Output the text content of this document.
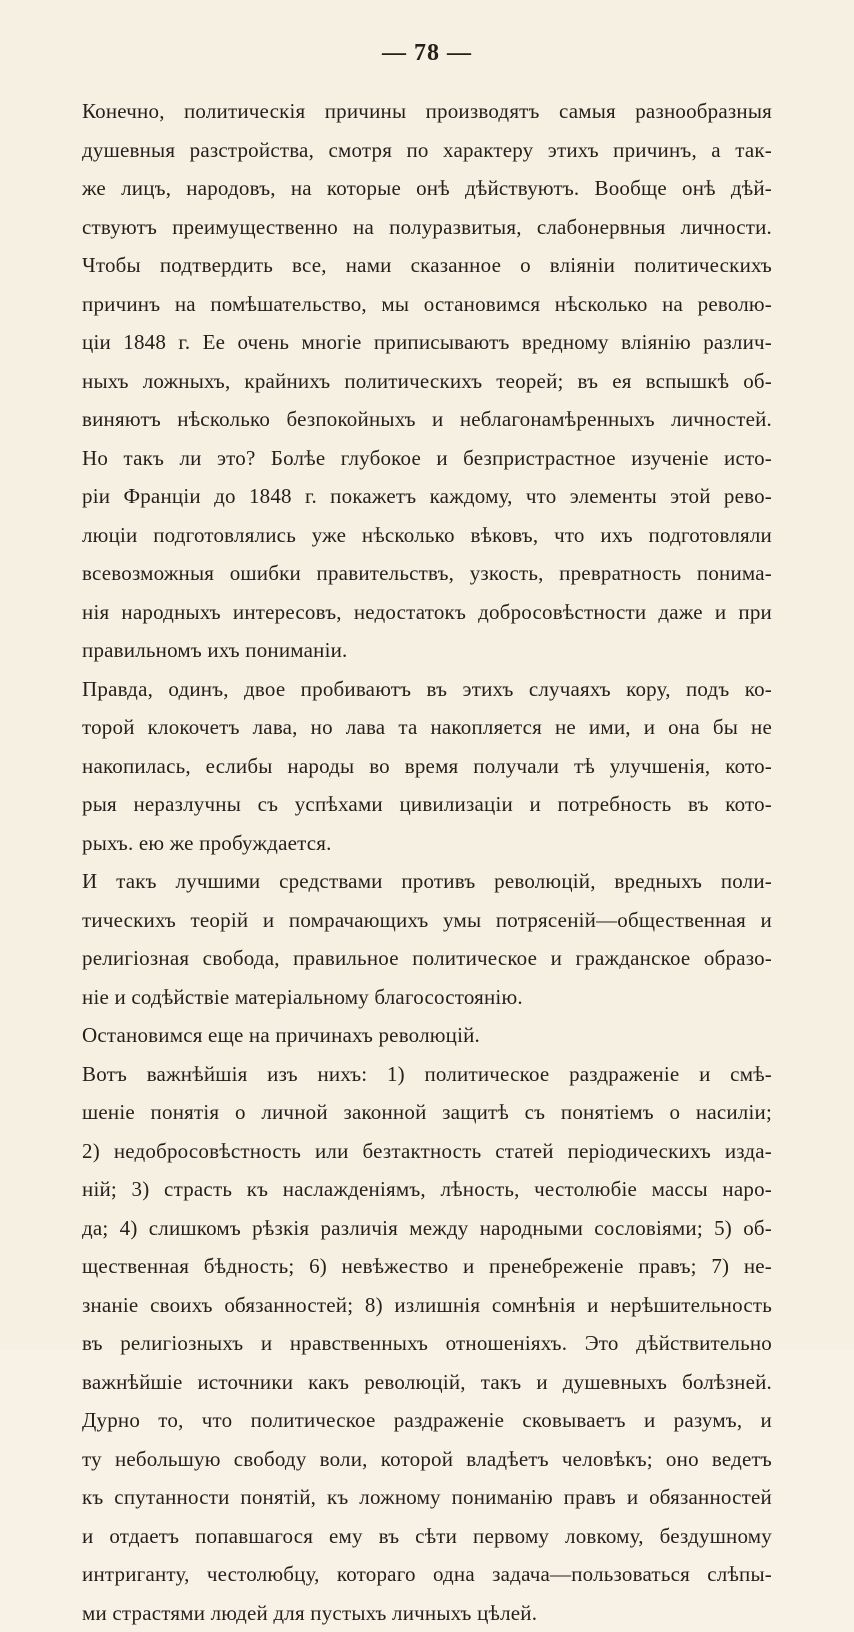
— 78 —
Конечно, политическія причины производятъ самыя разнообразныя
душевныя разстройства, смотря по характеру этихъ причинъ, а так-
же лицъ, народовъ, на которые онѣ дѣйствуютъ. Вообще онѣ дѣй-
ствуютъ преимущественно на полуразвитыя, слабонервныя личности.
Чтобы подтвердить все, нами сказанное о вліяніи политическихъ
причинъ на помѣшательство, мы остановимся нѣсколько на револю-
ціи 1848 г. Ее очень многіе приписываютъ вредному вліянію различ-
ныхъ ложныхъ, крайнихъ политическихъ теорей; въ ея вспышкѣ об-
виняютъ нѣсколько безпокойныхъ и неблагонамѣренныхъ личностей.
Но такъ ли это? Болѣе глубокое и безпристрастное изученіе исто-
ріи Франціи до 1848 г. покажетъ каждому, что элементы этой рево-
люціи подготовлялись уже нѣсколько вѣковъ, что ихъ подготовляли
всевозможныя ошибки правительствъ, узкость, превратность понима-
нія народныхъ интересовъ, недостатокъ добросовѣстности даже и при
правильномъ ихъ пониманіи.
Правда, одинъ, двое пробиваютъ въ этихъ случаяхъ кору, подъ ко-
торой клокочетъ лава, но лава та накопляется не ими, и она бы не
накопилась, еслибы народы во время получали тѣ улучшенія, кото-
рыя неразлучны съ успѣхами цивилизаціи и потребность въ кото-
рыхъ. ею же пробуждается.
И такъ лучшими средствами противъ революцій, вредныхъ поли-
тическихъ теорій и помрачающихъ умы потрясеній—общественная и
религіозная свобода, правильное политическое и гражданское образо-
ніе и содѣйствіе матеріальному благосостоянію.
Остановимся еще на причинахъ революцій.
Вотъ важнѣйшія изъ нихъ: 1) политическое раздраженіе и смѣ-
шеніе понятія о личной законной защитѣ съ понятіемъ о насиліи;
2) недобросовѣстность или безтактность статей періодическихъ изда-
ній; 3) страсть къ наслажденіямъ, лѣность, честолюбіе массы наро-
да; 4) слишкомъ рѣзкія различія между народными сословіями; 5) об-
щественная бѣдность; 6) невѣжество и пренебреженіе правъ; 7) не-
знаніе своихъ обязанностей; 8) излишнія сомнѣнія и нерѣшительность
въ религіозныхъ и нравственныхъ отношеніяхъ. Это дѣйствительно
важнѣйшіе источники какъ революцій, такъ и душевныхъ болѣзней.
Дурно то, что политическое раздраженіе сковываетъ и разумъ, и
ту небольшую свободу воли, которой владѣетъ человѣкъ; оно ведетъ
къ спутанности понятій, къ ложному пониманію правъ и обязанностей
и отдаетъ попавшагося ему въ сѣти первому ловкому, бездушному
интриганту, честолюбцу, котораго одна задача—пользоваться слѣпы-
ми страстями людей для пустыхъ личныхъ цѣлей.
